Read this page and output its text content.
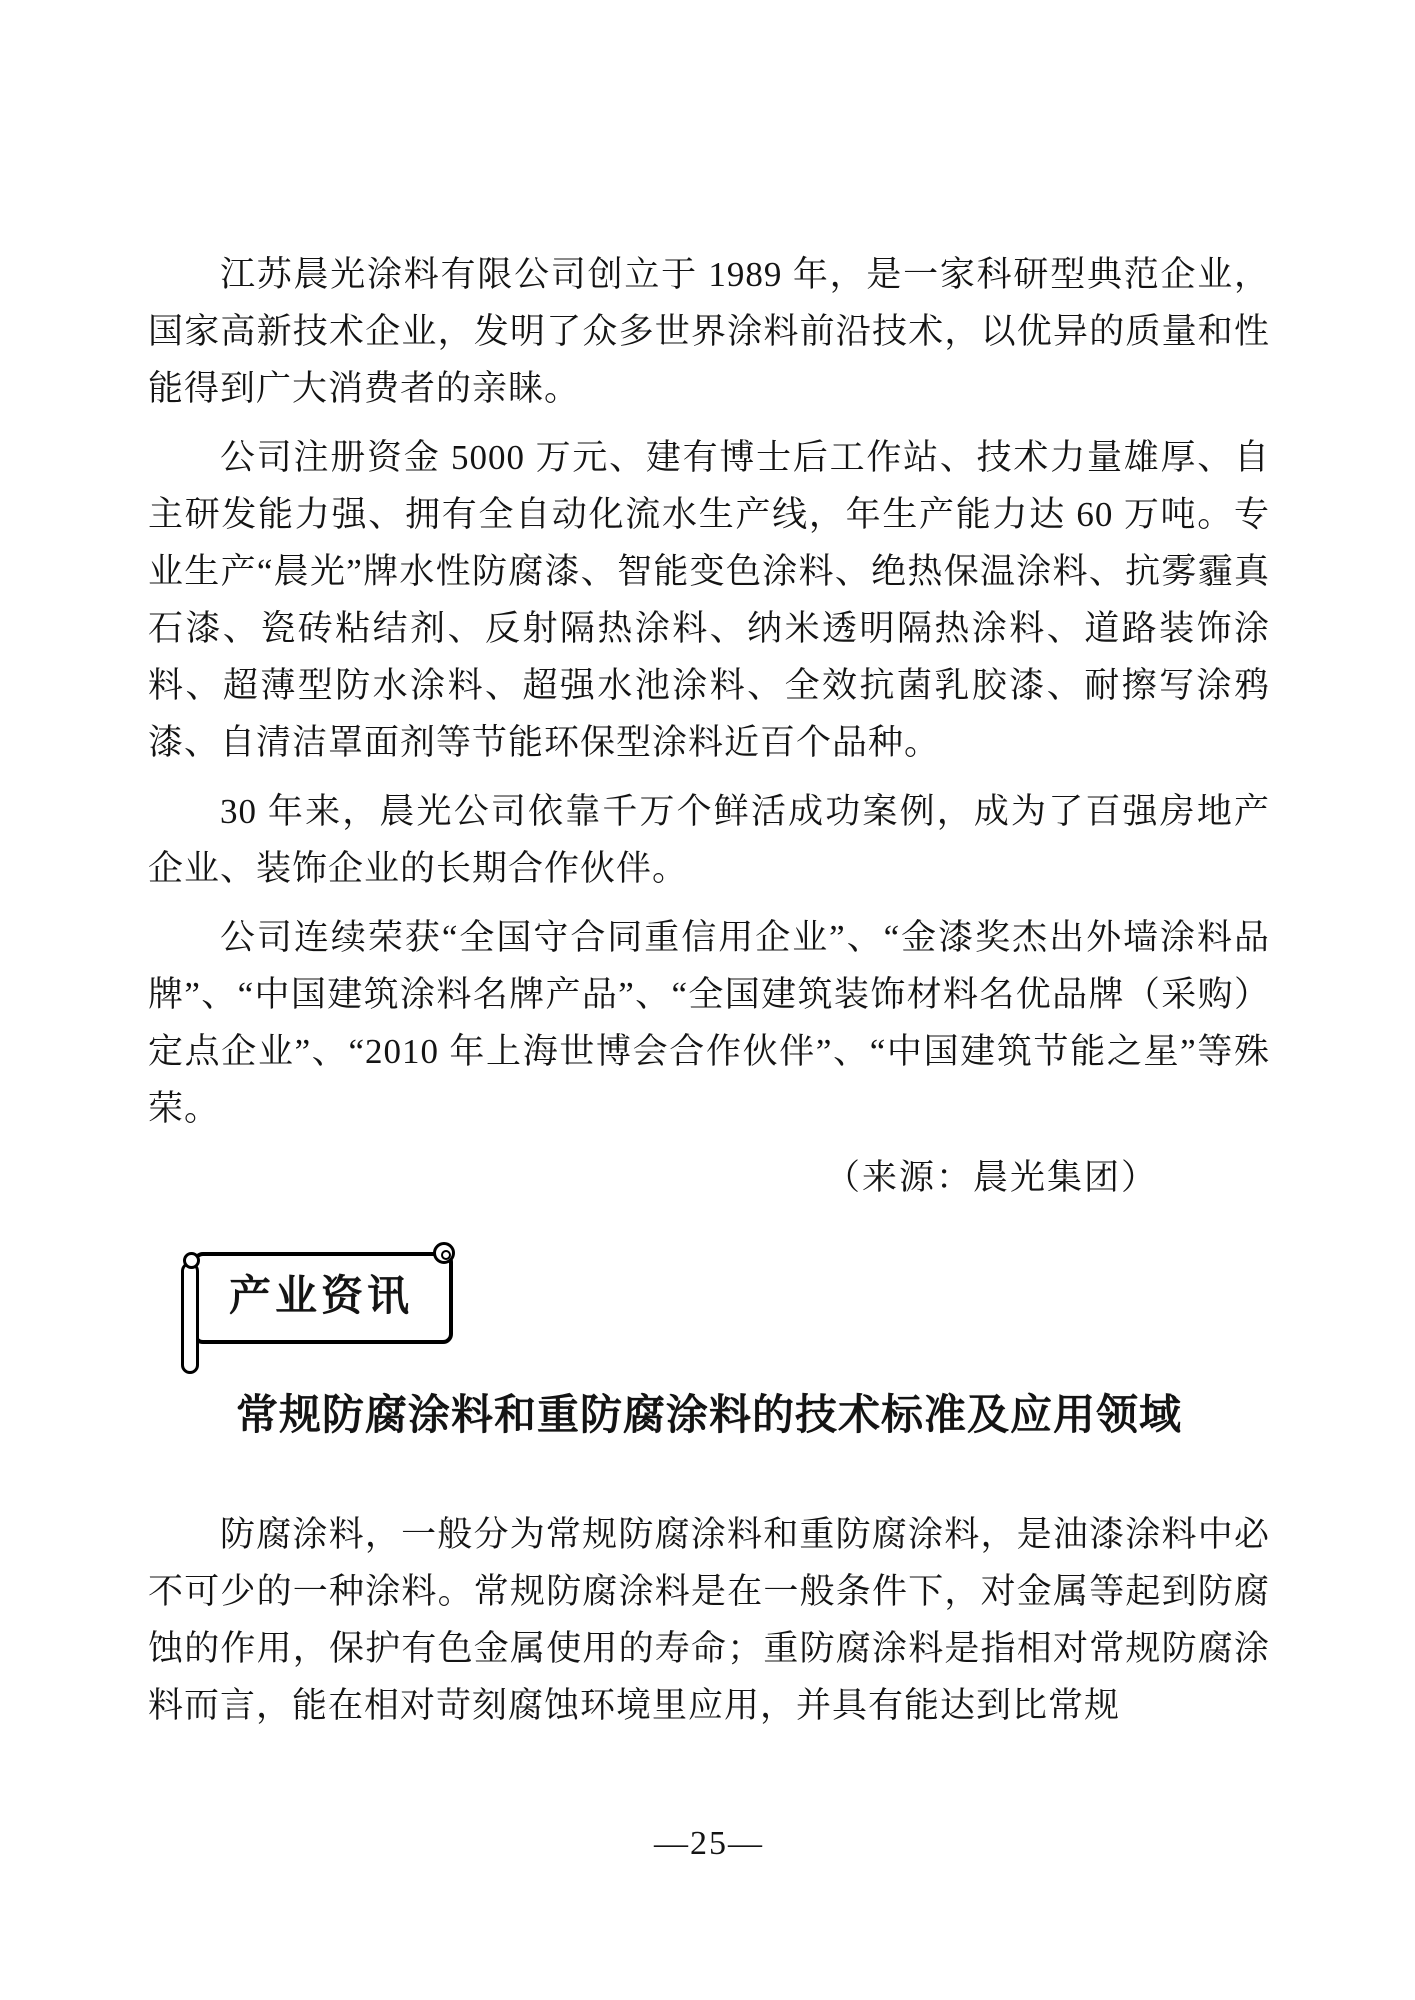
江苏晨光涂料有限公司创立于 1989 年，是一家科研型典范企业，国家高新技术企业，发明了众多世界涂料前沿技术，以优异的质量和性能得到广大消费者的亲睐。

公司注册资金 5000 万元、建有博士后工作站、技术力量雄厚、自主研发能力强、拥有全自动化流水生产线，年生产能力达 60 万吨。专业生产“晨光”牌水性防腐漆、智能变色涂料、绝热保温涂料、抗雾霾真石漆、瓷砖粘结剂、反射隔热涂料、纳米透明隔热涂料、道路装饰涂料、超薄型防水涂料、超强水池涂料、全效抗菌乳胶漆、耐擦写涂鸦漆、自清洁罩面剂等节能环保型涂料近百个品种。

30 年来，晨光公司依靠千万个鲜活成功案例，成为了百强房地产企业、装饰企业的长期合作伙伴。

公司连续荣获“全国守合同重信用企业”、“金漆奖杰出外墙涂料品牌”、“中国建筑涂料名牌产品”、“全国建筑装饰材料名优品牌（采购）定点企业”、“2010 年上海世博会合作伙伴”、“中国建筑节能之星”等殊荣。

（来源：晨光集团）

产业资讯
常规防腐涂料和重防腐涂料的技术标准及应用领域

防腐涂料，一般分为常规防腐涂料和重防腐涂料，是油漆涂料中必不可少的一种涂料。常规防腐涂料是在一般条件下，对金属等起到防腐蚀的作用，保护有色金属使用的寿命；重防腐涂料是指相对常规防腐涂料而言，能在相对苛刻腐蚀环境里应用，并具有能达到比常规

—25—
